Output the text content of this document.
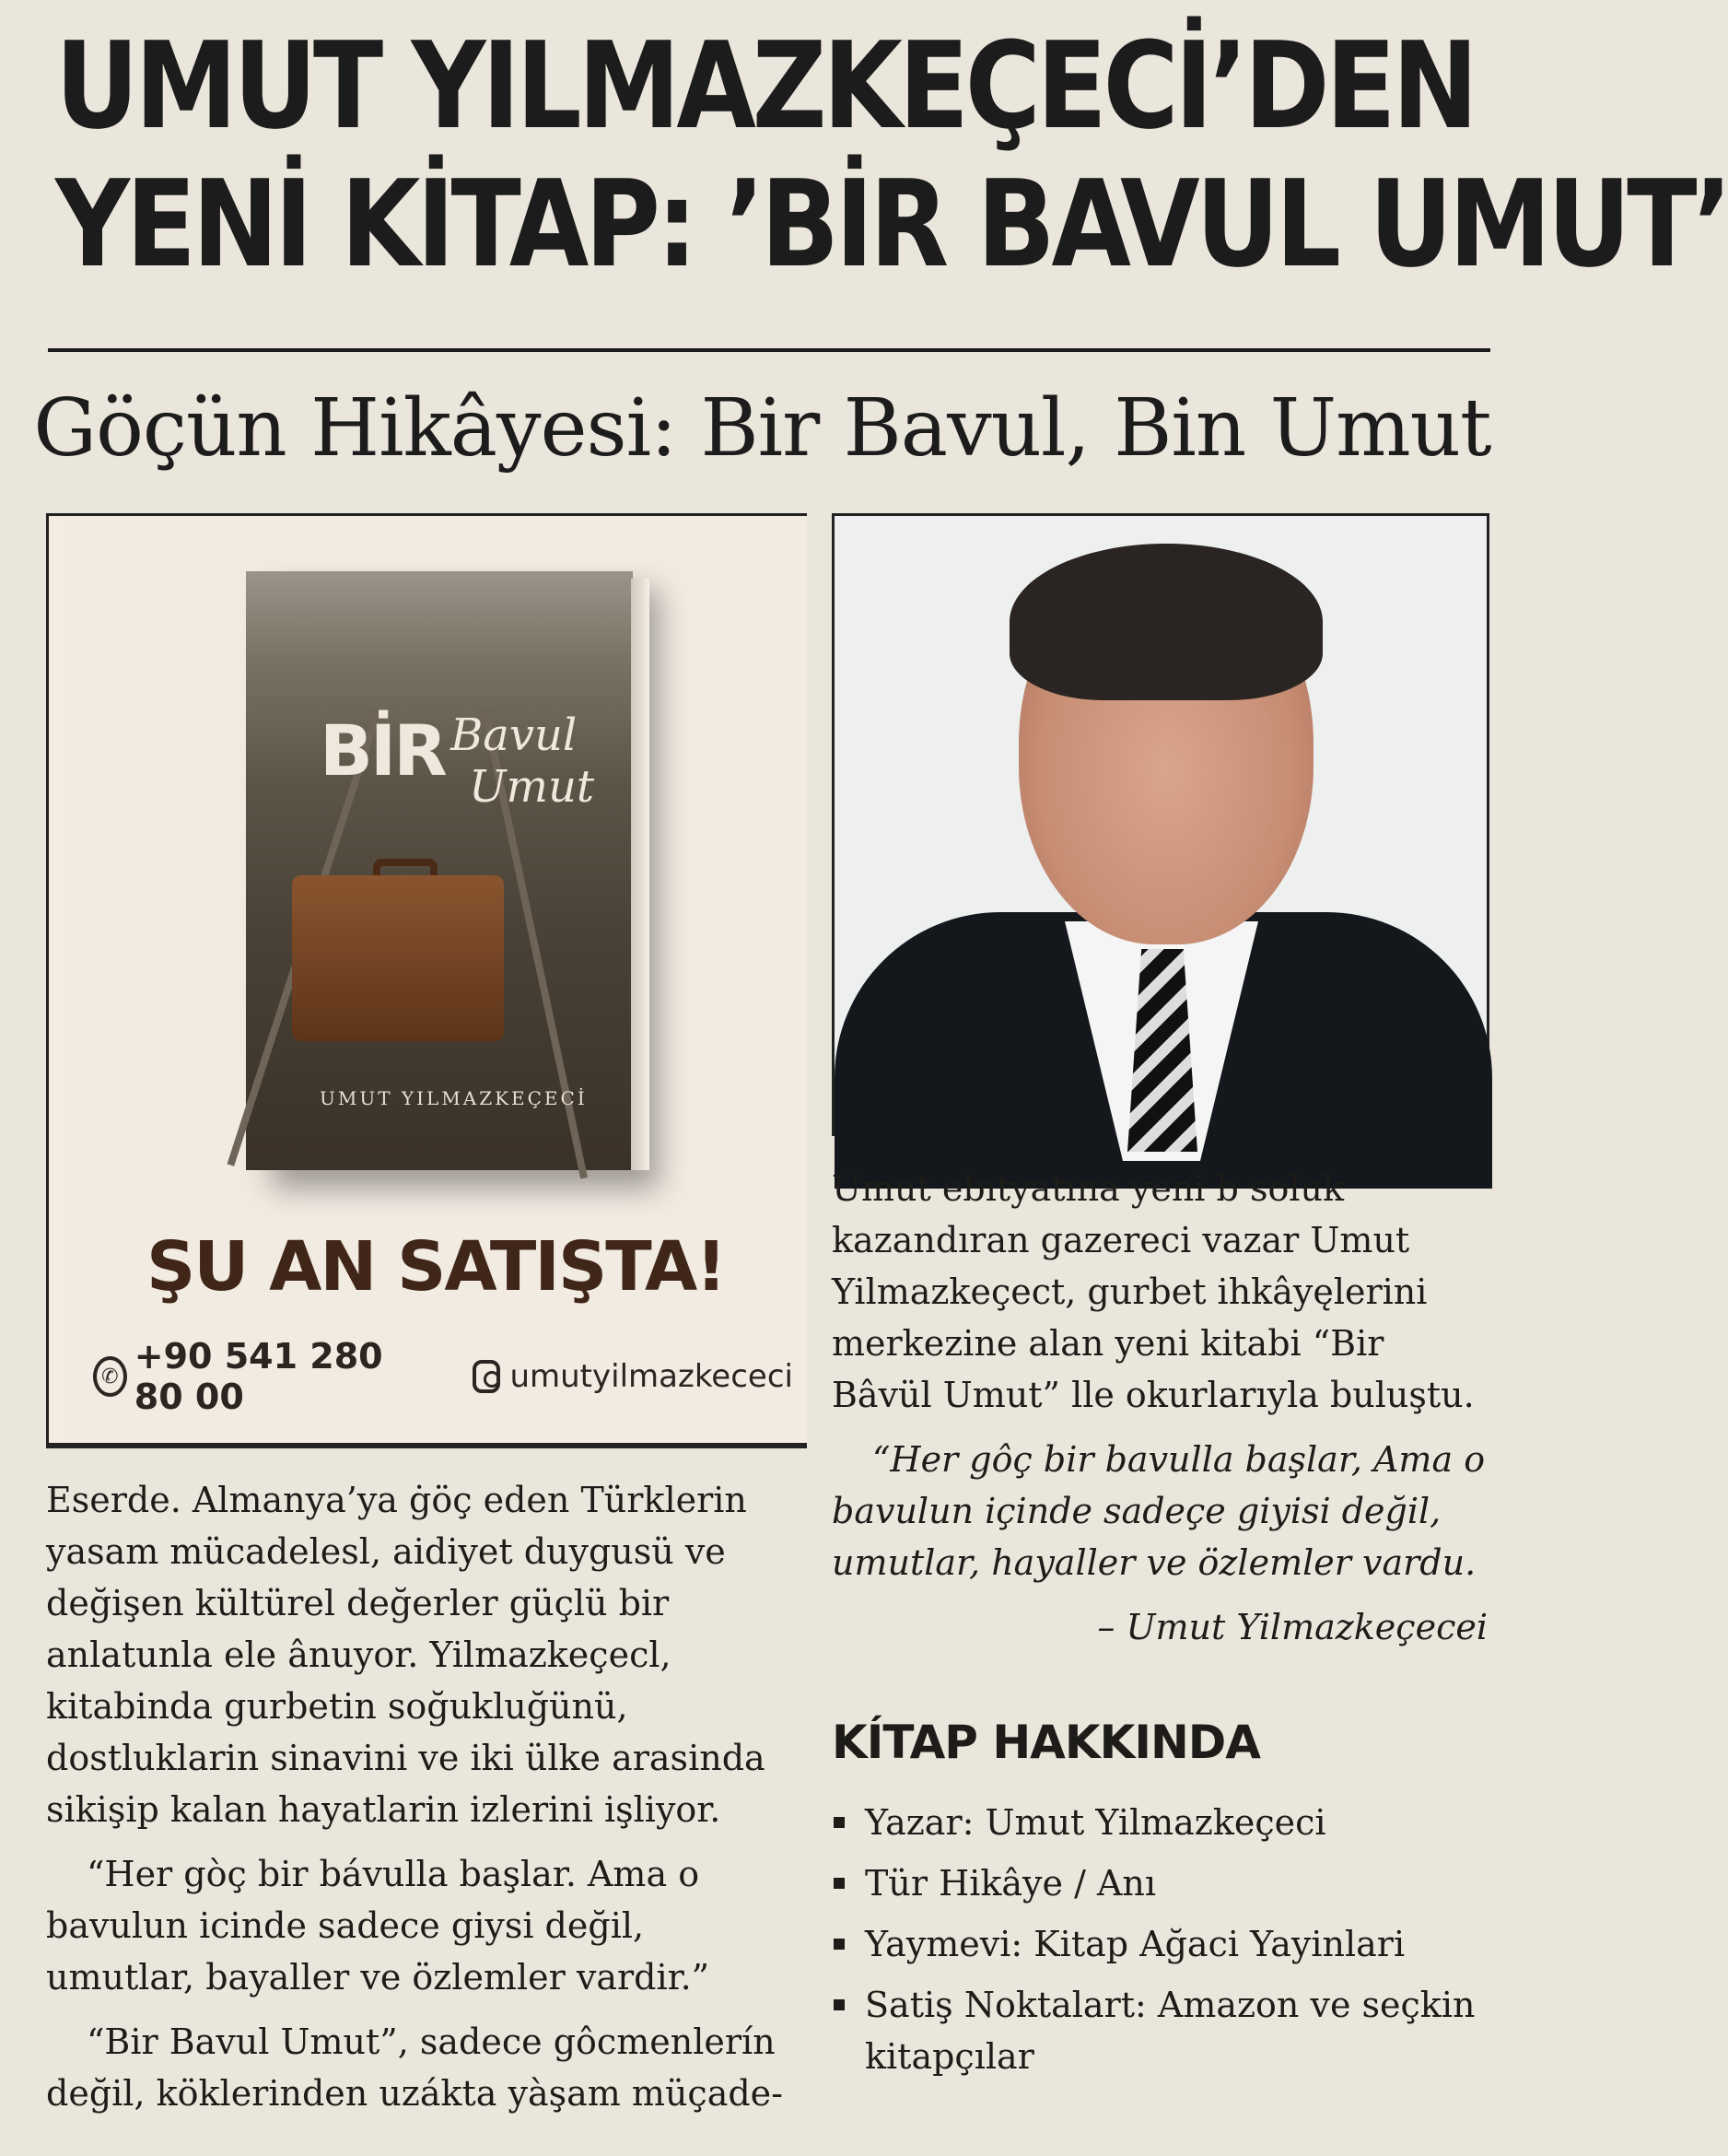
UMUT YILMAZKEÇECİ’DEN
YENİ KİTAP: ’BİR BAVUL UMUT’
Göçün Hikâyesi: Bir Bavul, Bin Umut
BİR Bavul
Umut
UMUT YILMAZKEÇECİ
ŞU AN SATIŞTA!
✆ +90 541 280 80 00	umutyilmazkececi

Umut ebıtyatına yeni b soluk kazandıran gazereci vazar Umut Yilmazkeçect, gurbet ihkâyęlerini merkezine alan yeni kitabi “Bir Bâvül Umut” lle okurlarıyla buluştu.

“Her gôç bir bavulla başlar, Ama o bavulun içinde sadeçe giyisi değil, umutlar, hayaller ve özlemler vardu.

– Umut Yilmazkeçecei

KÍTAP HAKKINDA
Yazar: Umut Yilmazkeçeci
Tür Hikâye / Anı
Yaymevi: Kitap Ağaci Yayinlari
Satiş Noktalart: Amazon ve seçkin kitapçılar

Eserde. Almanya’ya ġöç eden Türklerin yasam mücadelesl, aidiyet duygusü ve değişen kültürel değerler güçlü bir anlatunla ele ânuyor. Yilmazkeçecl, kitabinda gurbetin soğukluğünü, dostluklarin sinavini ve iki ülke arasinda sikişip kalan hayatlarin izlerini işliyor.

“Her gòç bir bávulla başlar. Ama o bavulun icinde sadece giysi değil, umutlar, bayaller ve özlemler vardir.”

“Bir Bavul Umut”, sadece gôcmenlerín değil, köklerinden uzákta yàşam müçade-
